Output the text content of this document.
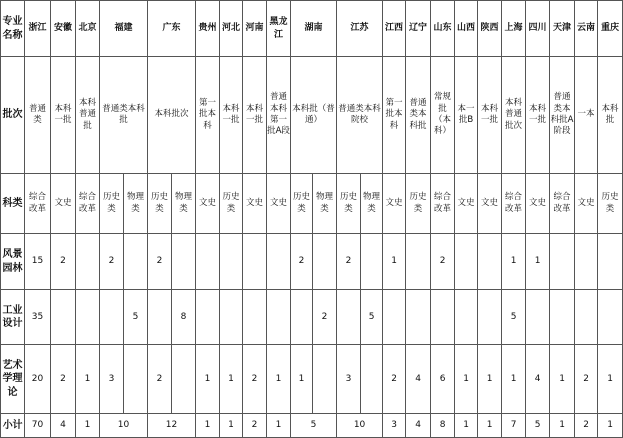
专业名称	浙江	安徽	北京	福建		广东		贵州	河北	河南	黑龙江	湖南		江苏		江西	辽宁	山东	山西	陕西	上海	四川	天津	云南	重庆
批次	普通类	本科一批	本科普通批	普通类本科批		本科批次		第一批本科	本科一批	本科一批	普通本科第一批A段	本科批（普通）		普通类本科院校		第一批本科	普通类本科批	常规批（本科）	本一批B	本科一批	本科普通批次	本科一批	普通类本科批A阶段	一本	本科批
科类	综合改革	文史	综合改革	历史类	物理类	历史类	物理类	文史	历史类	文史	文史	历史类	物理类	历史类	物理类	文史	历史类	综合改革	文史	文史	综合改革	文史	综合改革	文史	历史类
风景园林	15	2		2		2						2		2		1		2			1	1			
工业设计	35				5		8						2		5						5				
艺术学理论	20	2	1	3		2		1	1	2	1	1		3		2	4	6	1	1	1	4	1	2	1
小计	70	4	1	10		12		1	1	2	1	5		10		3	4	8	1	1	7	5	1	2	1
